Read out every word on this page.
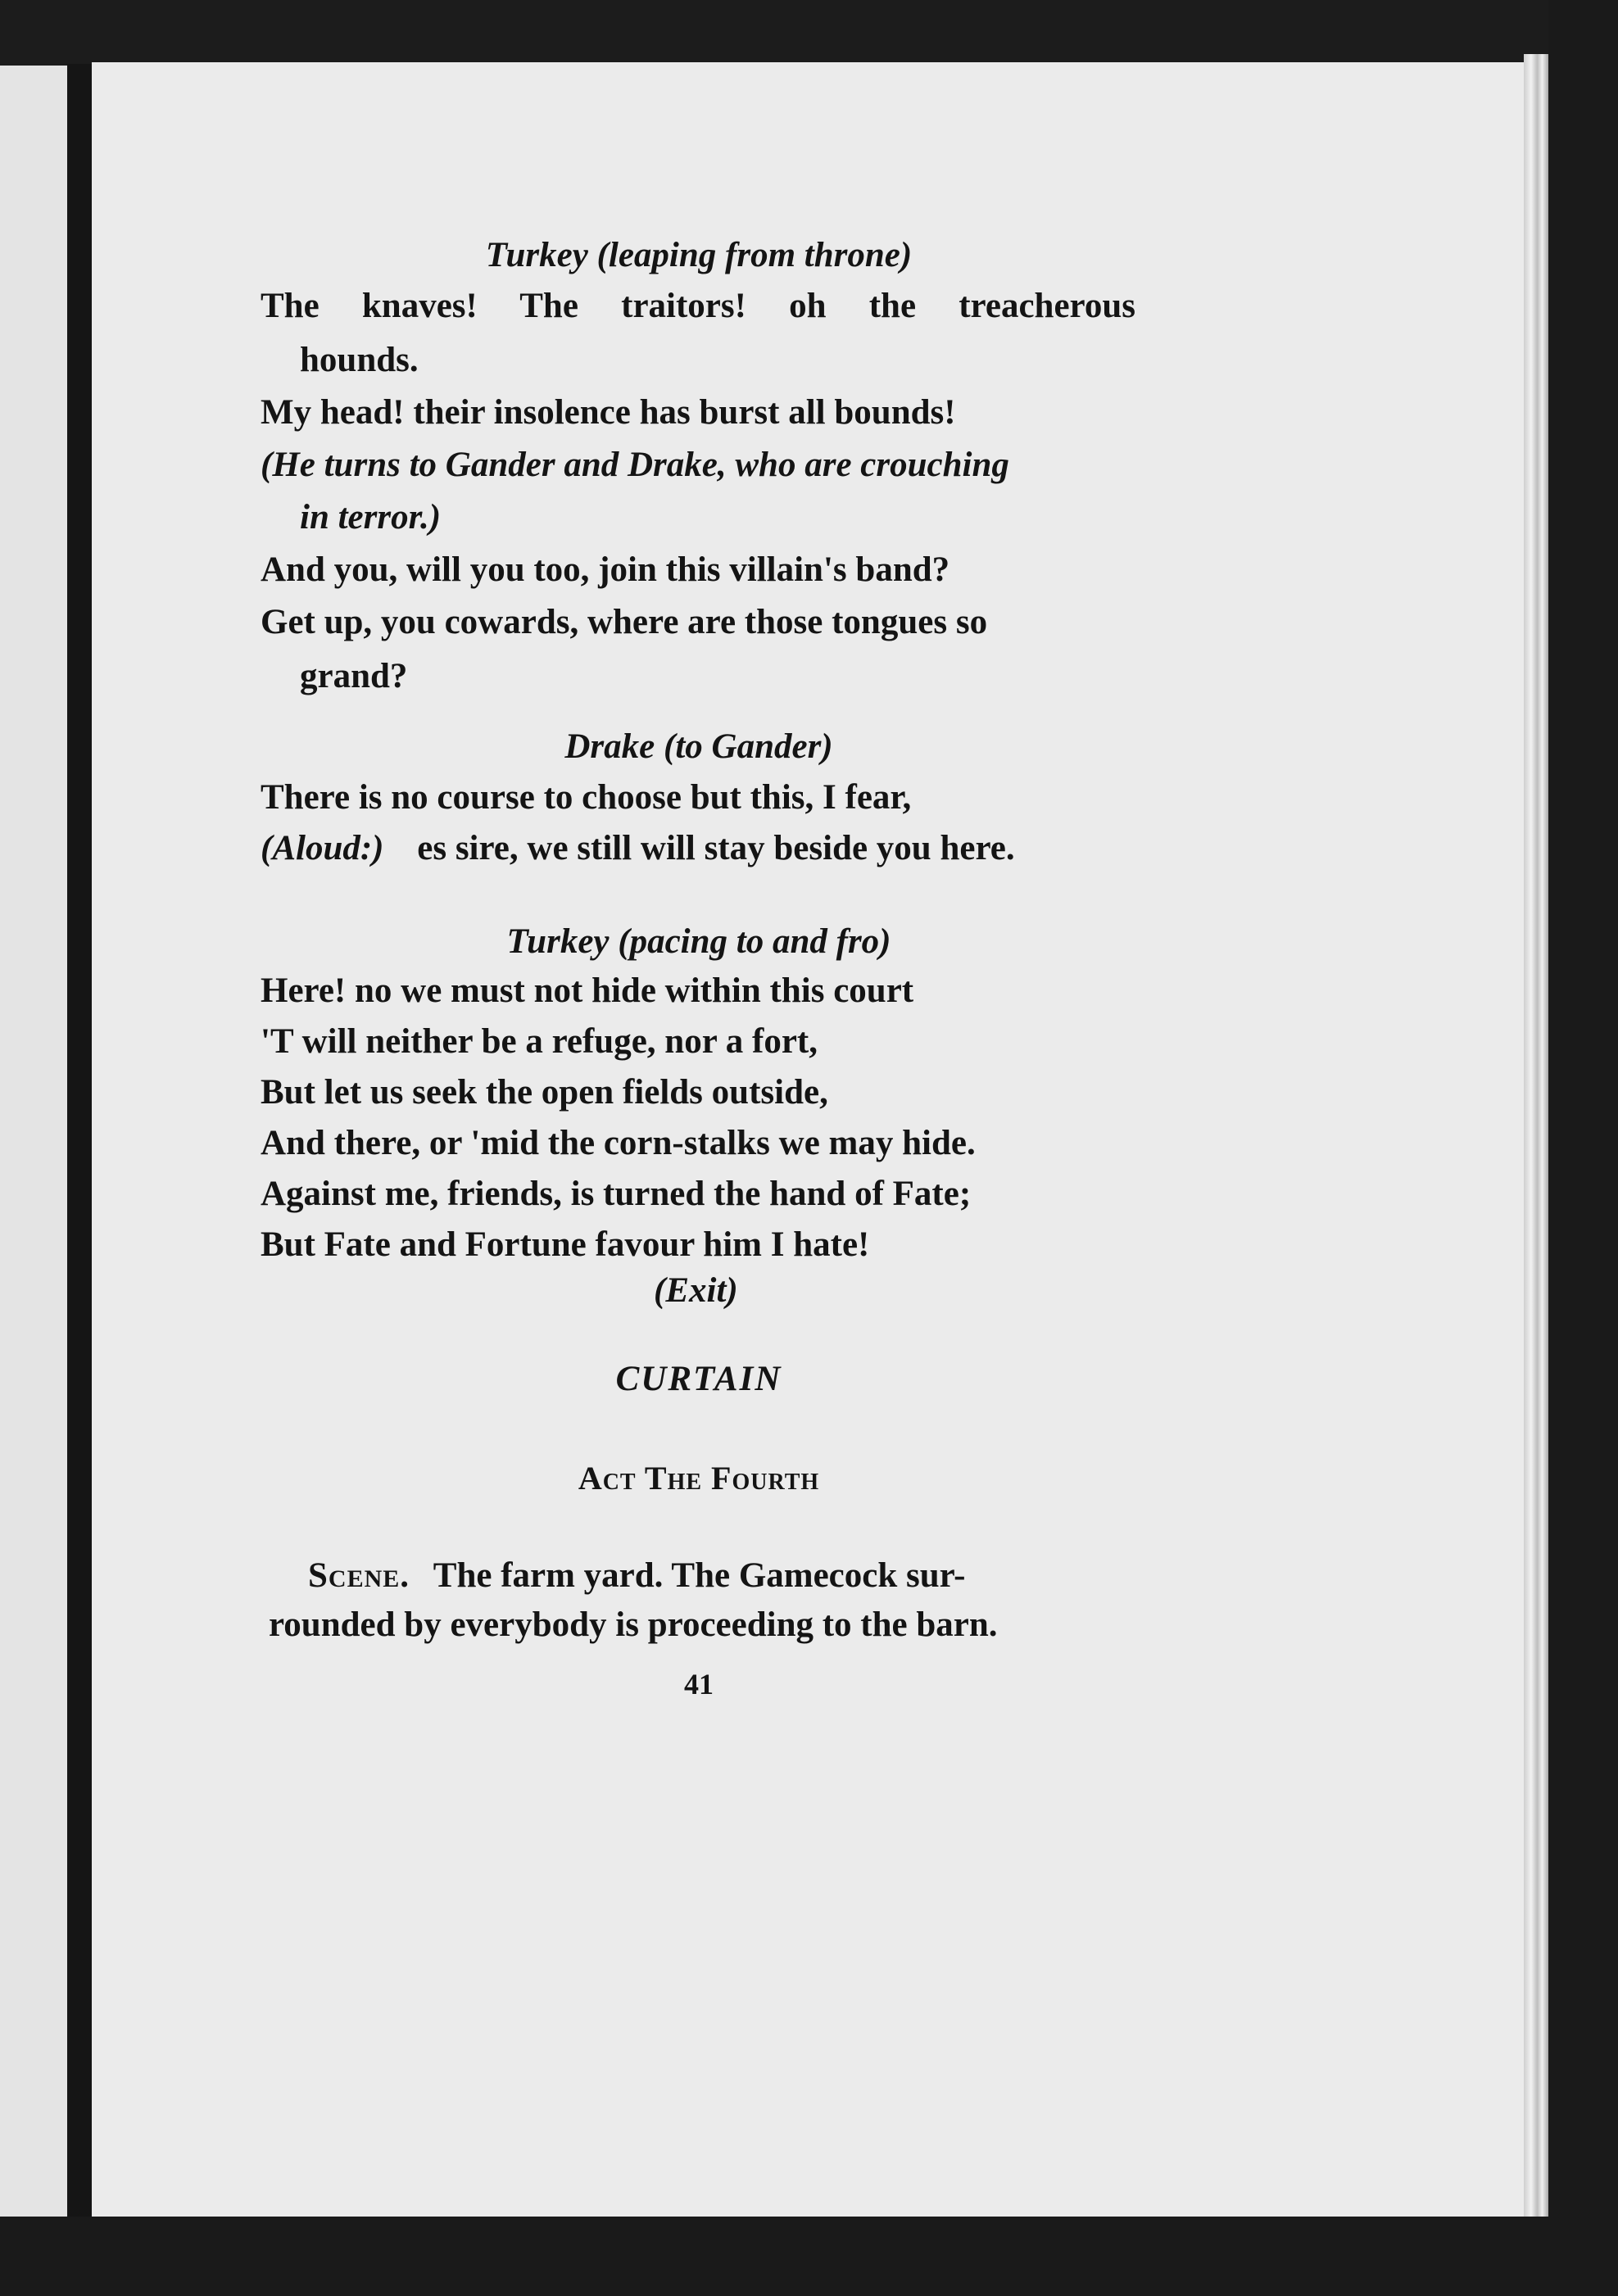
Turkey (leaping from throne)
The knaves! The traitors! oh the treacherous
hounds.
My head! their insolence has burst all bounds!
(He turns to Gander and Drake, who are crouching
in terror.)
And you, will you too, join this villain's band?
Get up, you cowards, where are those tongues so
grand?
Drake (to Gander)
There is no course to choose but this, I fear,
(Aloud:) es sire, we still will stay beside you here.
Turkey (pacing to and fro)
Here! no we must not hide within this court
'T will neither be a refuge, nor a fort,
But let us seek the open fields outside,
And there, or 'mid the corn-stalks we may hide.
Against me, friends, is turned the hand of Fate;
But Fate and Fortune favour him I hate!
(Exit)
CURTAIN
Act The Fourth
Scene. The farm yard. The Gamecock sur-
rounded by everybody is proceeding to the barn.
41
